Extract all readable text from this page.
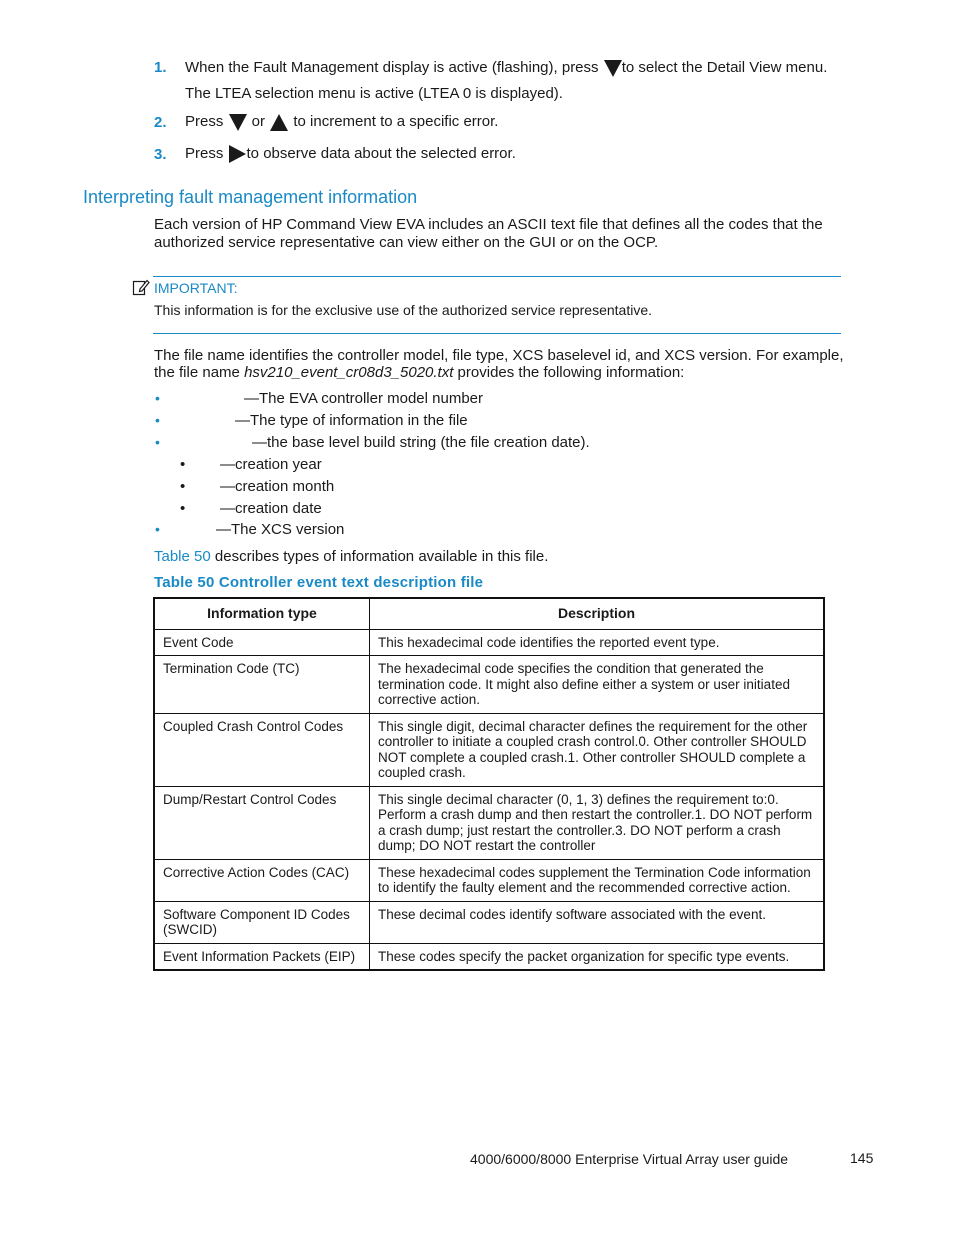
1. When the Fault Management display is active (flashing), press to select the Detail View menu.
The LTEA selection menu is active (LTEA 0 is displayed).
2. Press  or  to increment to a specific error.
3. Press to observe data about the selected error.
Interpreting fault management information
Each version of HP Command View EVA includes an ASCII text file that defines all the codes that the
authorized service representative can view either on the GUI or on the OCP.
IMPORTANT:
This information is for the exclusive use of the authorized service representative.
The file name identifies the controller model, file type, XCS baselevel id, and XCS version. For example,
the file name hsv210_event_cr08d3_5020.txt provides the following information:
•	—The EVA controller model number
•	—The type of information in the file
•	—the base level build string (the file creation date).
• —creation year
• —creation month
• —creation date
•	—The XCS version
Table 50 describes types of information available in this file.
Table 50 Controller event text description file
Information type	Description
Event Code	This hexadecimal code identifies the reported event type.
Termination Code (TC)	The hexadecimal code specifies the condition that generated the termination code. It might also define either a system or user initiated corrective action.
Coupled Crash Control Codes	This single digit, decimal character defines the requirement for the other controller to initiate a coupled crash control.0. Other controller SHOULD NOT complete a coupled crash.1. Other controller SHOULD complete a coupled crash.
Dump/Restart Control Codes	This single decimal character (0, 1, 3) defines the requirement to:0. Perform a crash dump and then restart the controller.1. DO NOT perform a crash dump; just restart the controller.3. DO NOT perform a crash dump; DO NOT restart the controller
Corrective Action Codes (CAC)	These hexadecimal codes supplement the Termination Code information to identify the faulty element and the recommended corrective action.
Software Component ID Codes (SWCID)	These decimal codes identify software associated with the event.
Event Information Packets (EIP)	These codes specify the packet organization for specific type events.
4000/6000/8000 Enterprise Virtual Array user guide	145
